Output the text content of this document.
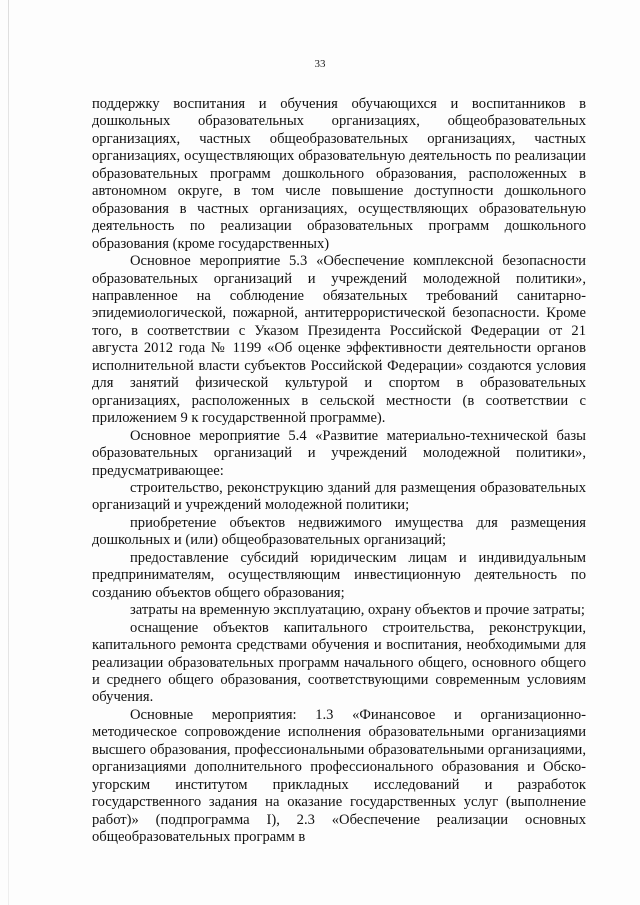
33

поддержку воспитания и обучения обучающихся и воспитанников в дошкольных образовательных организациях, общеобразовательных организациях, частных общеобразовательных организациях, частных организациях, осуществляющих образовательную деятельность по реализации образовательных программ дошкольного образования, расположенных в автономном округе, в том числе повышение доступности дошкольного образования в частных организациях, осуществляющих образовательную деятельность по реализации образовательных программ дошкольного образования (кроме государственных)

Основное мероприятие 5.3 «Обеспечение комплексной безопасности образовательных организаций и учреждений молодежной политики», направленное на соблюдение обязательных требований санитарно-эпидемиологической, пожарной, антитеррористической безопасности. Кроме того, в соответствии с Указом Президента Российской Федерации от 21 августа 2012 года № 1199 «Об оценке эффективности деятельности органов исполнительной власти субъектов Российской Федерации» создаются условия для занятий физической культурой и спортом в образовательных организациях, расположенных в сельской местности (в соответствии с приложением 9 к государственной программе).

Основное мероприятие 5.4 «Развитие материально-технической базы образовательных организаций и учреждений молодежной политики», предусматривающее:

строительство, реконструкцию зданий для размещения образовательных организаций и учреждений молодежной политики;

приобретение объектов недвижимого имущества для размещения дошкольных и (или) общеобразовательных организаций;

предоставление субсидий юридическим лицам и индивидуальным предпринимателям, осуществляющим инвестиционную деятельность по созданию объектов общего образования;

затраты на временную эксплуатацию, охрану объектов и прочие затраты;

оснащение объектов капитального строительства, реконструкции, капитального ремонта средствами обучения и воспитания, необходимыми для реализации образовательных программ начального общего, основного общего и среднего общего образования, соответствующими современным условиям обучения.

Основные мероприятия: 1.3 «Финансовое и организационно-методическое сопровождение исполнения образовательными организациями высшего образования, профессиональными образовательными организациями, организациями дополнительного профессионального образования и Обско-угорским институтом прикладных исследований и разработок государственного задания на оказание государственных услуг (выполнение работ)» (подпрограмма I), 2.3 «Обеспечение реализации основных общеобразовательных программ в
